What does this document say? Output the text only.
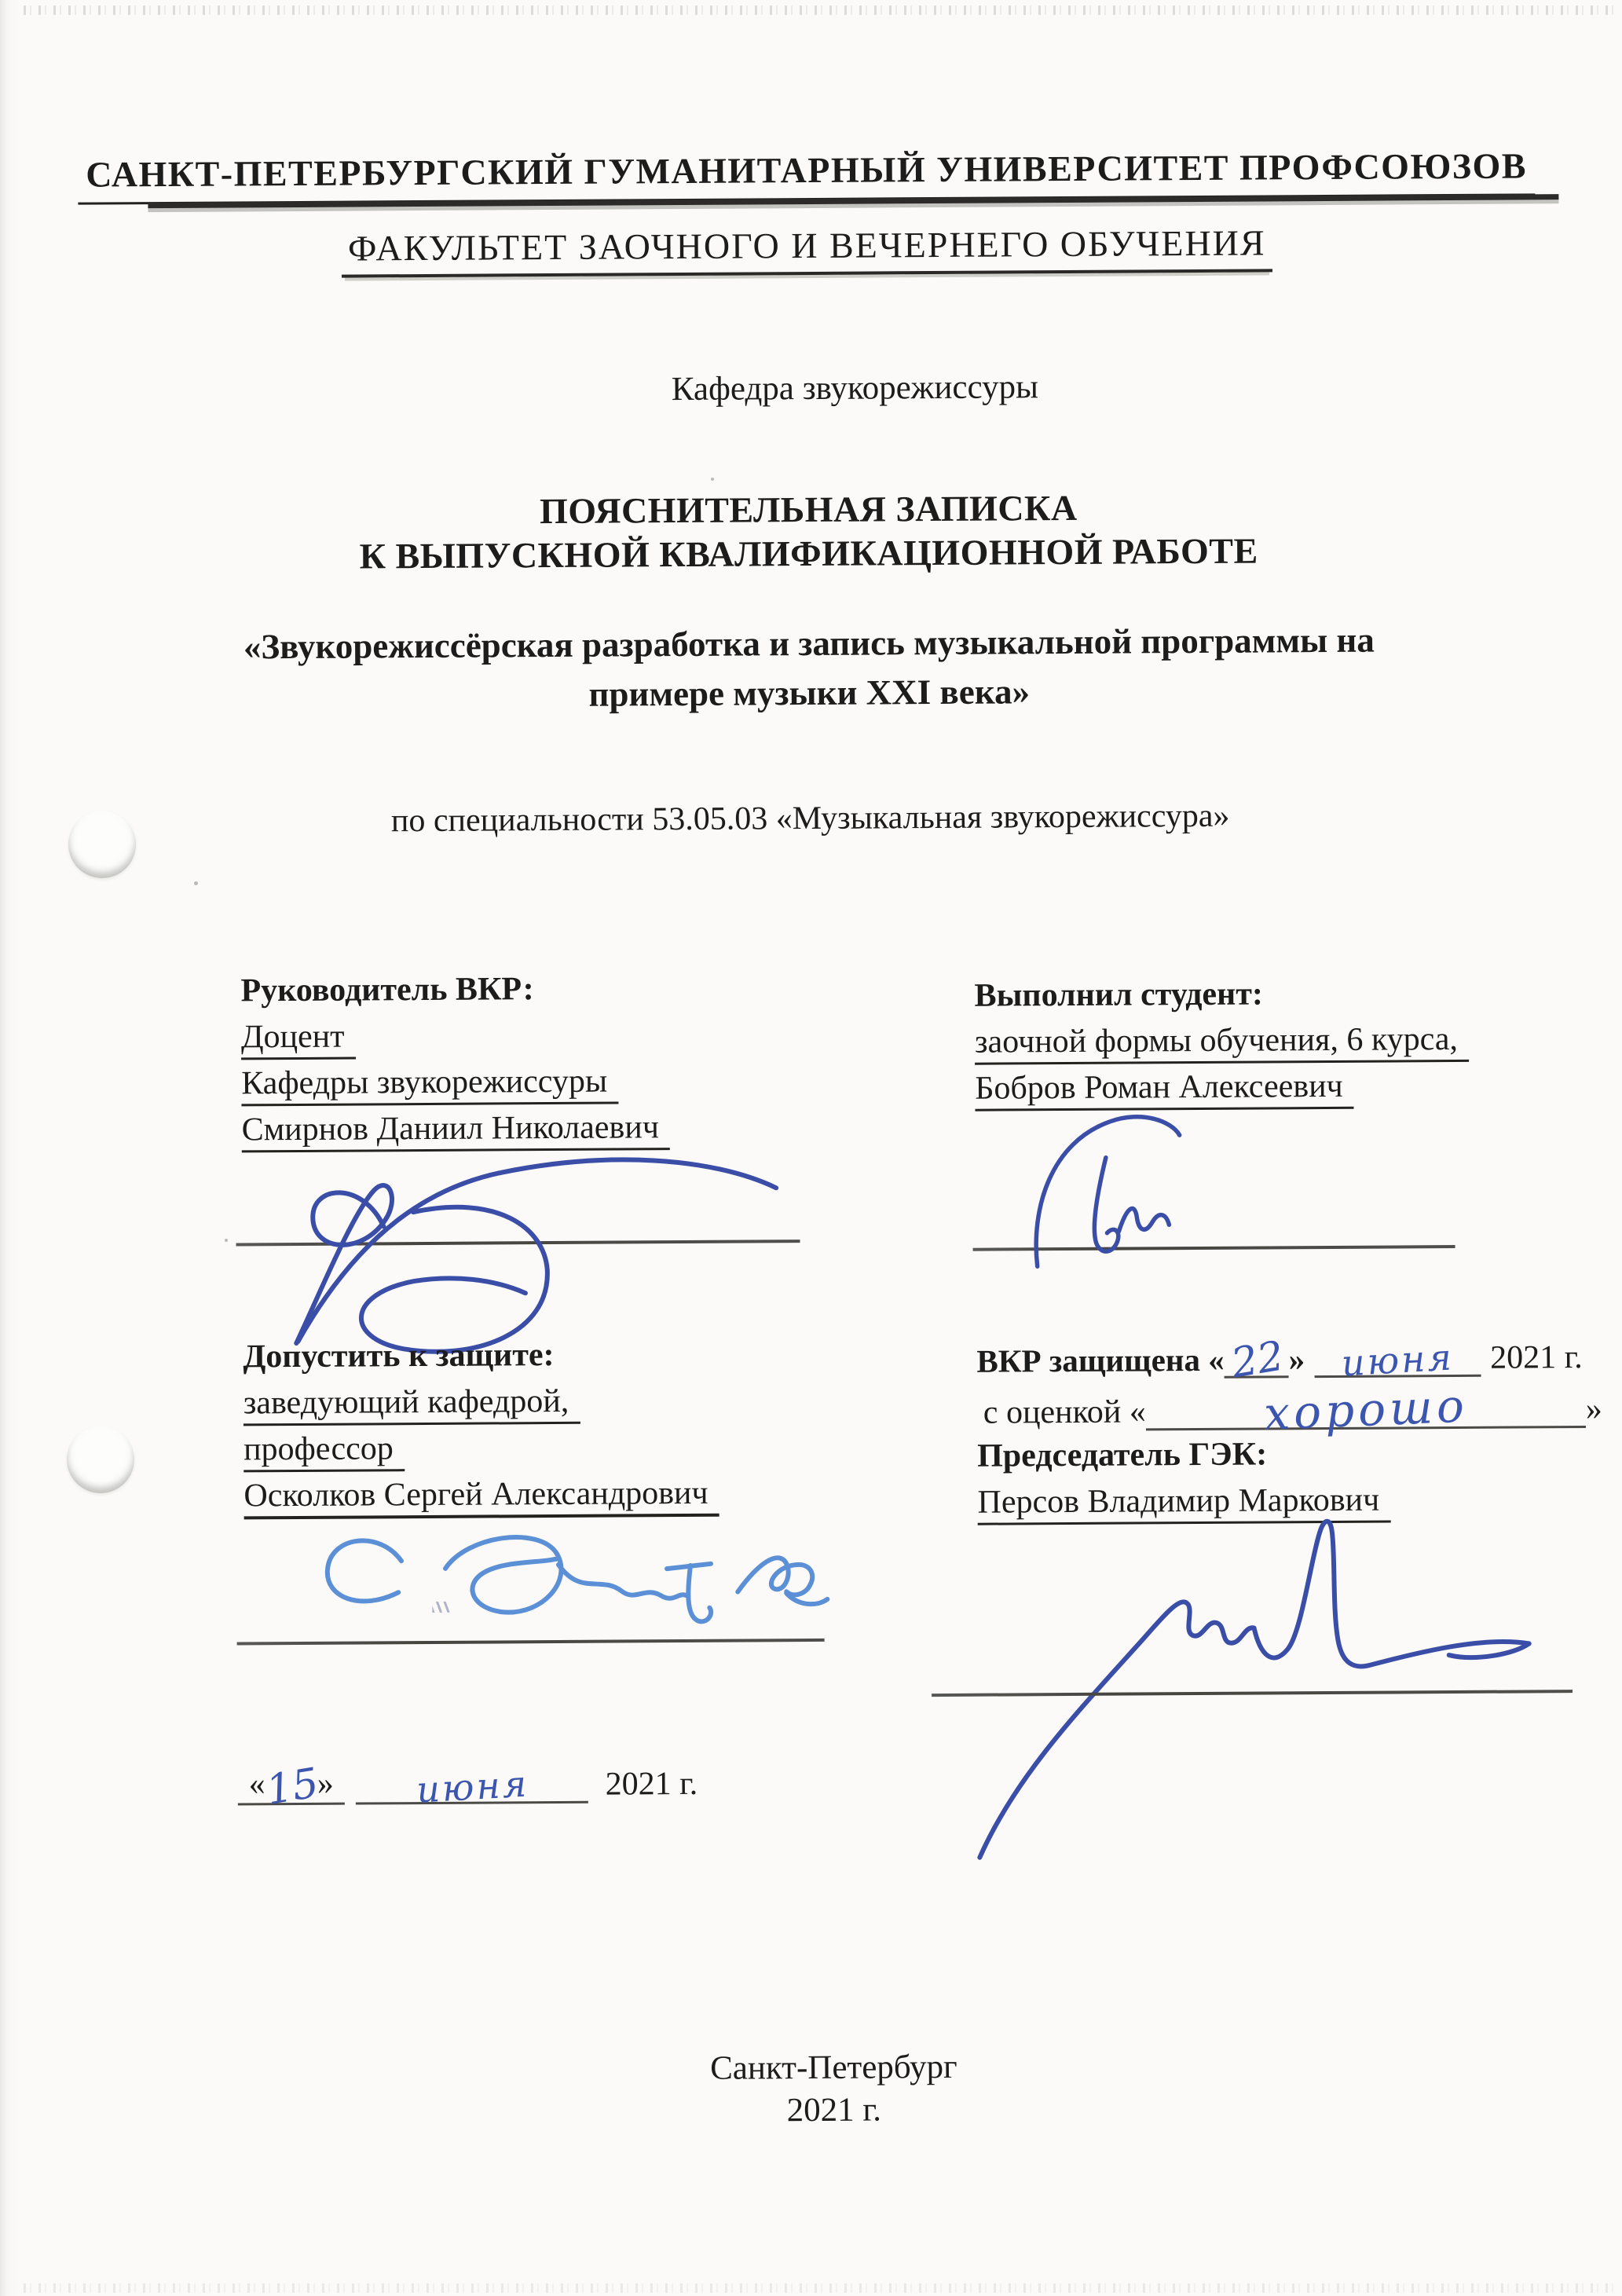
САНКТ-ПЕТЕРБУРГСКИЙ ГУМАНИТАРНЫЙ УНИВЕРСИТЕТ ПРОФСОЮЗОВ
ФАКУЛЬТЕТ ЗАОЧНОГО И ВЕЧЕРНЕГО ОБУЧЕНИЯ
Кафедра звукорежиссуры
ПОЯСНИТЕЛЬНАЯ ЗАПИСКА
К ВЫПУСКНОЙ КВАЛИФИКАЦИОННОЙ РАБОТЕ
«Звукорежиссёрская разработка и запись музыкальной программы на примере музыки XXI века»
по специальности 53.05.03 «Музыкальная звукорежиссура»
Руководитель ВКР:
Доцент
Кафедры звукорежиссуры
Смирнов Даниил Николаевич
Выполнил студент:
заочной формы обучения, 6 курса,
Бобров Роман Алексеевич
Допустить к защите:
заведующий кафедрой,
профессор
Осколков Сергей Александрович
«
15
» июня 2021 г.
ВКР защищена « 22 » июня 2021 г.
с оценкой «	хорошо	»
Председатель ГЭК:
Персов Владимир Маркович
Санкт-Петербург
2021 г.
